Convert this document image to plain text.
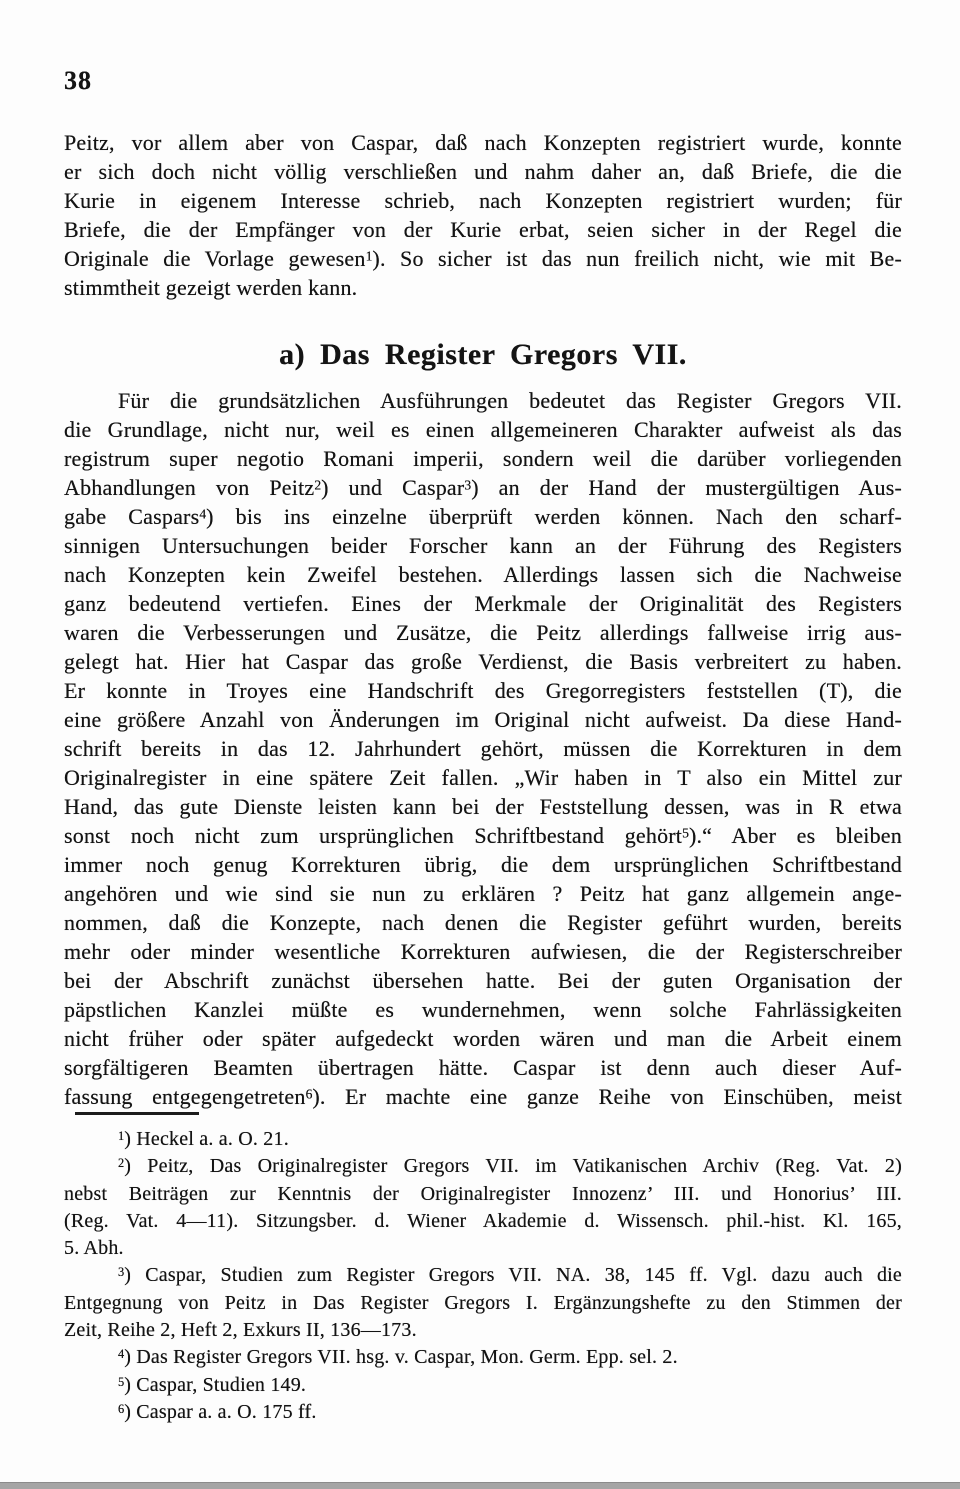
38
Peitz, vor allem aber von Caspar, daß nach Konzepten registriert wurde, konnte
er sich doch nicht völlig verschließen und nahm daher an, daß Briefe, die die
Kurie in eigenem Interesse schrieb, nach Konzepten registriert wurden; für
Briefe, die der Empfänger von der Kurie erbat, seien sicher in der Regel die
Originale die Vorlage gewesen$^1$). So sicher ist das nun freilich nicht, wie mit Be-
stimmtheit gezeigt werden kann.
a) Das Register Gregors VII.
Für die grundsätzlichen Ausführungen bedeutet das Register Gregors VII.
die Grundlage, nicht nur, weil es einen allgemeineren Charakter aufweist als das
registrum super negotio Romani imperii, sondern weil die darüber vorliegenden
Abhandlungen von Peitz$^2$) und Caspar$^3$) an der Hand der mustergültigen Aus-
gabe Caspars$^4$) bis ins einzelne überprüft werden können. Nach den scharf-
sinnigen Untersuchungen beider Forscher kann an der Führung des Registers
nach Konzepten kein Zweifel bestehen. Allerdings lassen sich die Nachweise
ganz bedeutend vertiefen. Eines der Merkmale der Originalität des Registers
waren die Verbesserungen und Zusätze, die Peitz allerdings fallweise irrig aus-
gelegt hat. Hier hat Caspar das große Verdienst, die Basis verbreitert zu haben.
Er konnte in Troyes eine Handschrift des Gregorregisters feststellen (T), die
eine größere Anzahl von Änderungen im Original nicht aufweist. Da diese Hand-
schrift bereits in das 12. Jahrhundert gehört, müssen die Korrekturen in dem
Originalregister in eine spätere Zeit fallen. „Wir haben in T also ein Mittel zur
Hand, das gute Dienste leisten kann bei der Feststellung dessen, was in R etwa
sonst noch nicht zum ursprünglichen Schriftbestand gehört$^5$).“ Aber es bleiben
immer noch genug Korrekturen übrig, die dem ursprünglichen Schriftbestand
angehören und wie sind sie nun zu erklären ? Peitz hat ganz allgemein ange-
nommen, daß die Konzepte, nach denen die Register geführt wurden, bereits
mehr oder minder wesentliche Korrekturen aufwiesen, die der Registerschreiber
bei der Abschrift zunächst übersehen hatte. Bei der guten Organisation der
päpstlichen Kanzlei müßte es wundernehmen, wenn solche Fahrlässigkeiten
nicht früher oder später aufgedeckt worden wären und man die Arbeit einem
sorgfältigeren Beamten übertragen hätte. Caspar ist denn auch dieser Auf-
fassung entgegengetreten$^6$). Er machte eine ganze Reihe von Einschüben, meist
$^1$) Heckel a. a. O. 21.
$^2$) Peitz, Das Originalregister Gregors VII. im Vatikanischen Archiv (Reg. Vat. 2)
nebst Beiträgen zur Kenntnis der Originalregister Innozenz’ III. und Honorius’ III.
(Reg. Vat. 4—11). Sitzungsber. d. Wiener Akademie d. Wissensch. phil.-hist. Kl. 165,
5. Abh.
$^3$) Caspar, Studien zum Register Gregors VII. NA. 38, 145 ff. Vgl. dazu auch die
Entgegnung von Peitz in Das Register Gregors I. Ergänzungshefte zu den Stimmen der
Zeit, Reihe 2, Heft 2, Exkurs II, 136—173.
$^4$) Das Register Gregors VII. hsg. v. Caspar, Mon. Germ. Epp. sel. 2.
$^5$) Caspar, Studien 149.
$^6$) Caspar a. a. O. 175 ff.
